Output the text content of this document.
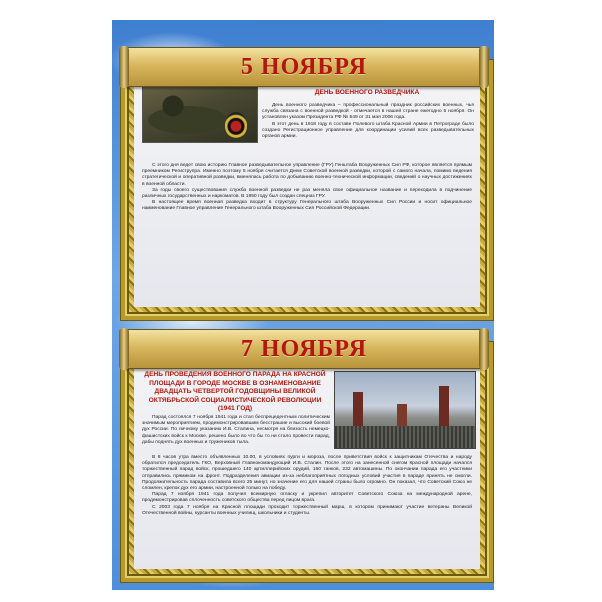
ДЕНЬ ВОЕННОГО РАЗВЕДЧИКА

День военного разведчика – профессиональный праздник российских военных, чья служба связана с военной разведкой - отмечается в нашей стране ежегодно 5 ноября. Он установлен указом Президента РФ № 549 от 31 мая 2006 года.

В этот день в 1918 году в составе Полевого штаба Красной Армии в Петрограде было создано Регистрационное управление для координации усилий всех разведывательных органов армии.

С этого дня ведет свою историю Главное разведывательное управление (ГРУ) Генштаба Вооруженных Сил РФ, которое является прямым преемником Региструпра. Именно поэтому 5 ноября считается Днем Советской военной разведки, которой с самого начала, помимо ведения стратегической и оперативной разведки, вменялась работа по добыванию военно-технической информации, сведений о научных достижениях в военной области.

За годы своего существования служба военной разведки не раз меняла свое официальное название и переходила в подчинение различных государственных и наркоматов. В 1950 году был создан спецназ ГРУ.

В настоящее время военная разведка входит в структуру Генерального штаба Вооруженных Сил России и носит официальное наименование Главное управление Генерального штаба Вооруженных Сил Российской Федерации.

5 НОЯБРЯ
ДЕНЬ ПРОВЕДЕНИЯ ВОЕННОГО ПАРАДА НА КРАСНОЙ ПЛОЩАДИ В ГОРОДЕ МОСКВЕ В ОЗНАМЕНОВАНИЕ ДВАДЦАТЬ ЧЕТВЕРТОЙ ГОДОВЩИНЫ ВЕЛИКОЙ ОКТЯБРЬСКОЙ СОЦИАЛИСТИЧЕСКОЙ РЕВОЛЮЦИИ (1941 ГОД)

Парад состоялся 7 ноября 1941 года и стал беспрецедентным политическим значимым мероприятием, продемонстрировавшим бесстрашие и высокий боевой дух России. По личному указанию И.В. Сталина, несмотря на близость немецко-фашистских войск к Москве, решено было во что бы то ни стало провести парад, дабы поднять дух военных и тружеников тыла.

В 8 часов утра вместо объявленных 10.00, в условиях пурги и мороза, после приветствия войск к защитникам Отечества и народу обратился председатель ГКО, Верховный Главнокомандующий И.В. Сталин. После этого на занесенной снегом Красной площади начался торжественный парад войск, прошедшего 140 артиллерийских орудий, 160 танков, 232 автомашины. По окончании парада его участники отправились прямиком на фронт. Подразделения авиации из-за неблагоприятных погодных условий участия в параде принять не смогли. Продолжительность парада составила всего 25 минут, но значение его для нашей страны было огромно. Он показал, что Советский Союз не сломлен, крепок дух его армии, настроенной только на победу.

Парад 7 ноября 1941 года получил всемирную огласку и укрепил авторитет Советского Союза на международной арене, продемонстрировав сплоченность советского общества перед лицом врага.

С 2003 года 7 ноября на Красной площади проходит торжественный марш, в котором принимают участие ветераны Великой Отечественной войны, курсанты военных училищ, школьники и студенты.

7 НОЯБРЯ
